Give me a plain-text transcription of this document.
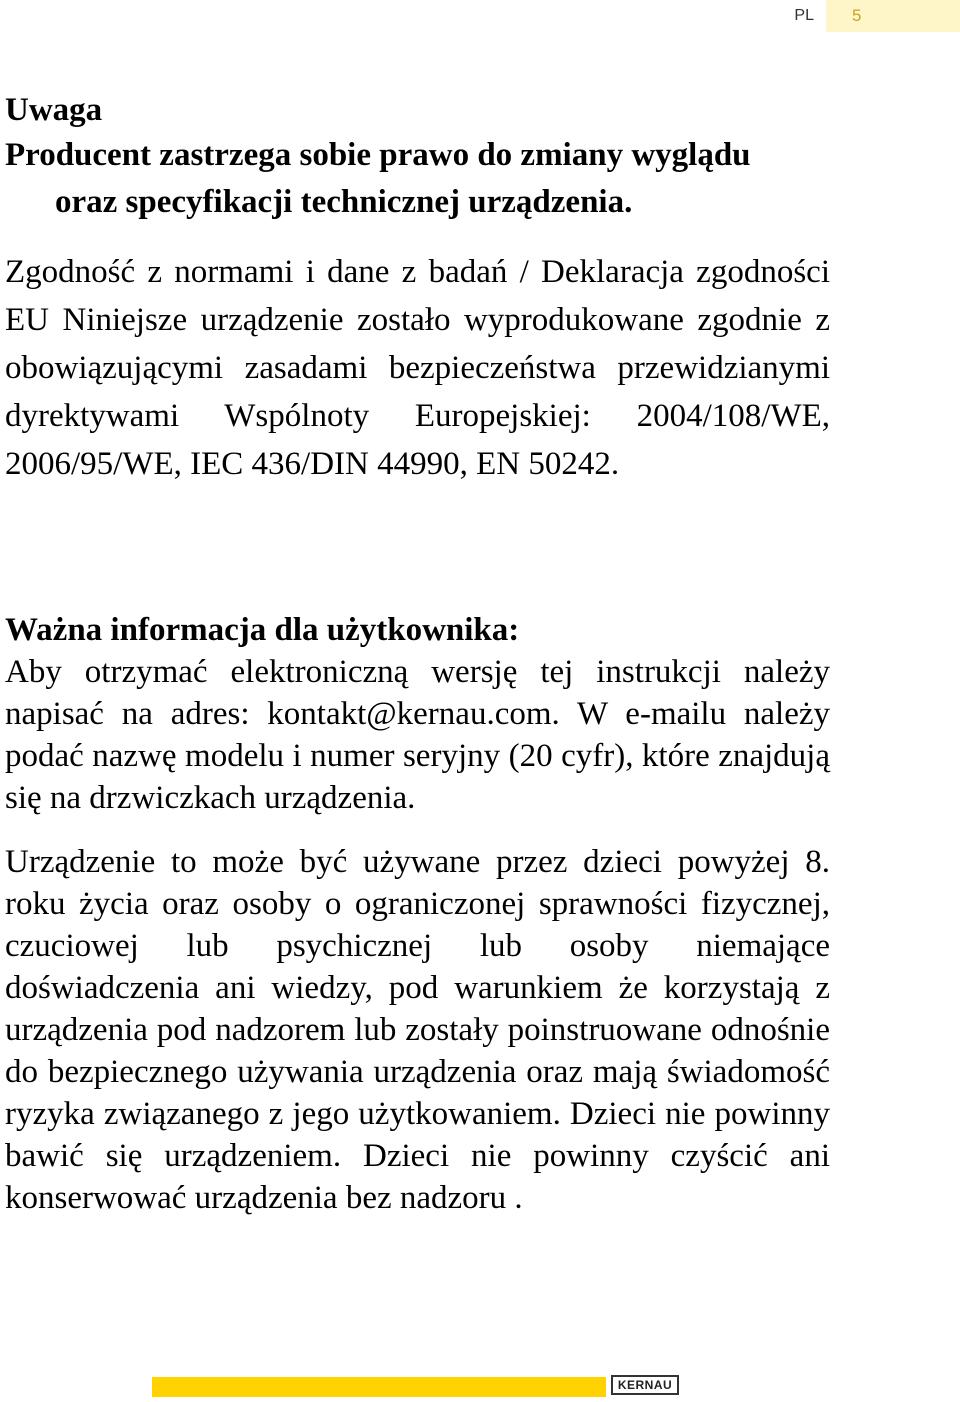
PL	5
Uwaga
Producent zastrzega sobie prawo do zmiany wyglądu
oraz specyfikacji technicznej urządzenia.
Zgodność z normami i dane z badań / Deklaracja zgodności EU Niniejsze urządzenie zostało wyprodukowane zgodnie z obowiązującymi zasadami bezpieczeństwa przewidzianymi dyrektywami Wspólnoty Europejskiej: 2004/108/WE, 2006/95/WE, IEC 436/DIN 44990, EN 50242.
Ważna informacja dla użytkownika:
Aby otrzymać elektroniczną wersję tej instrukcji należy napisać na adres: kontakt@kernau.com. W e-mailu należy podać nazwę modelu i numer seryjny (20 cyfr), które znajdują się na drzwiczkach urządzenia.
Urządzenie to może być używane przez dzieci powyżej 8. roku życia oraz osoby o ograniczonej sprawności fizycznej, czuciowej lub psychicznej lub osoby niemające doświadczenia ani wiedzy, pod warunkiem że korzystają z urządzenia pod nadzorem lub zostały poinstruowane odnośnie do bezpiecznego używania urządzenia oraz mają świadomość ryzyka związanego z jego użytkowaniem. Dzieci nie powinny bawić się urządzeniem. Dzieci nie powinny czyścić ani konserwować urządzenia bez nadzoru .
KERNAU
